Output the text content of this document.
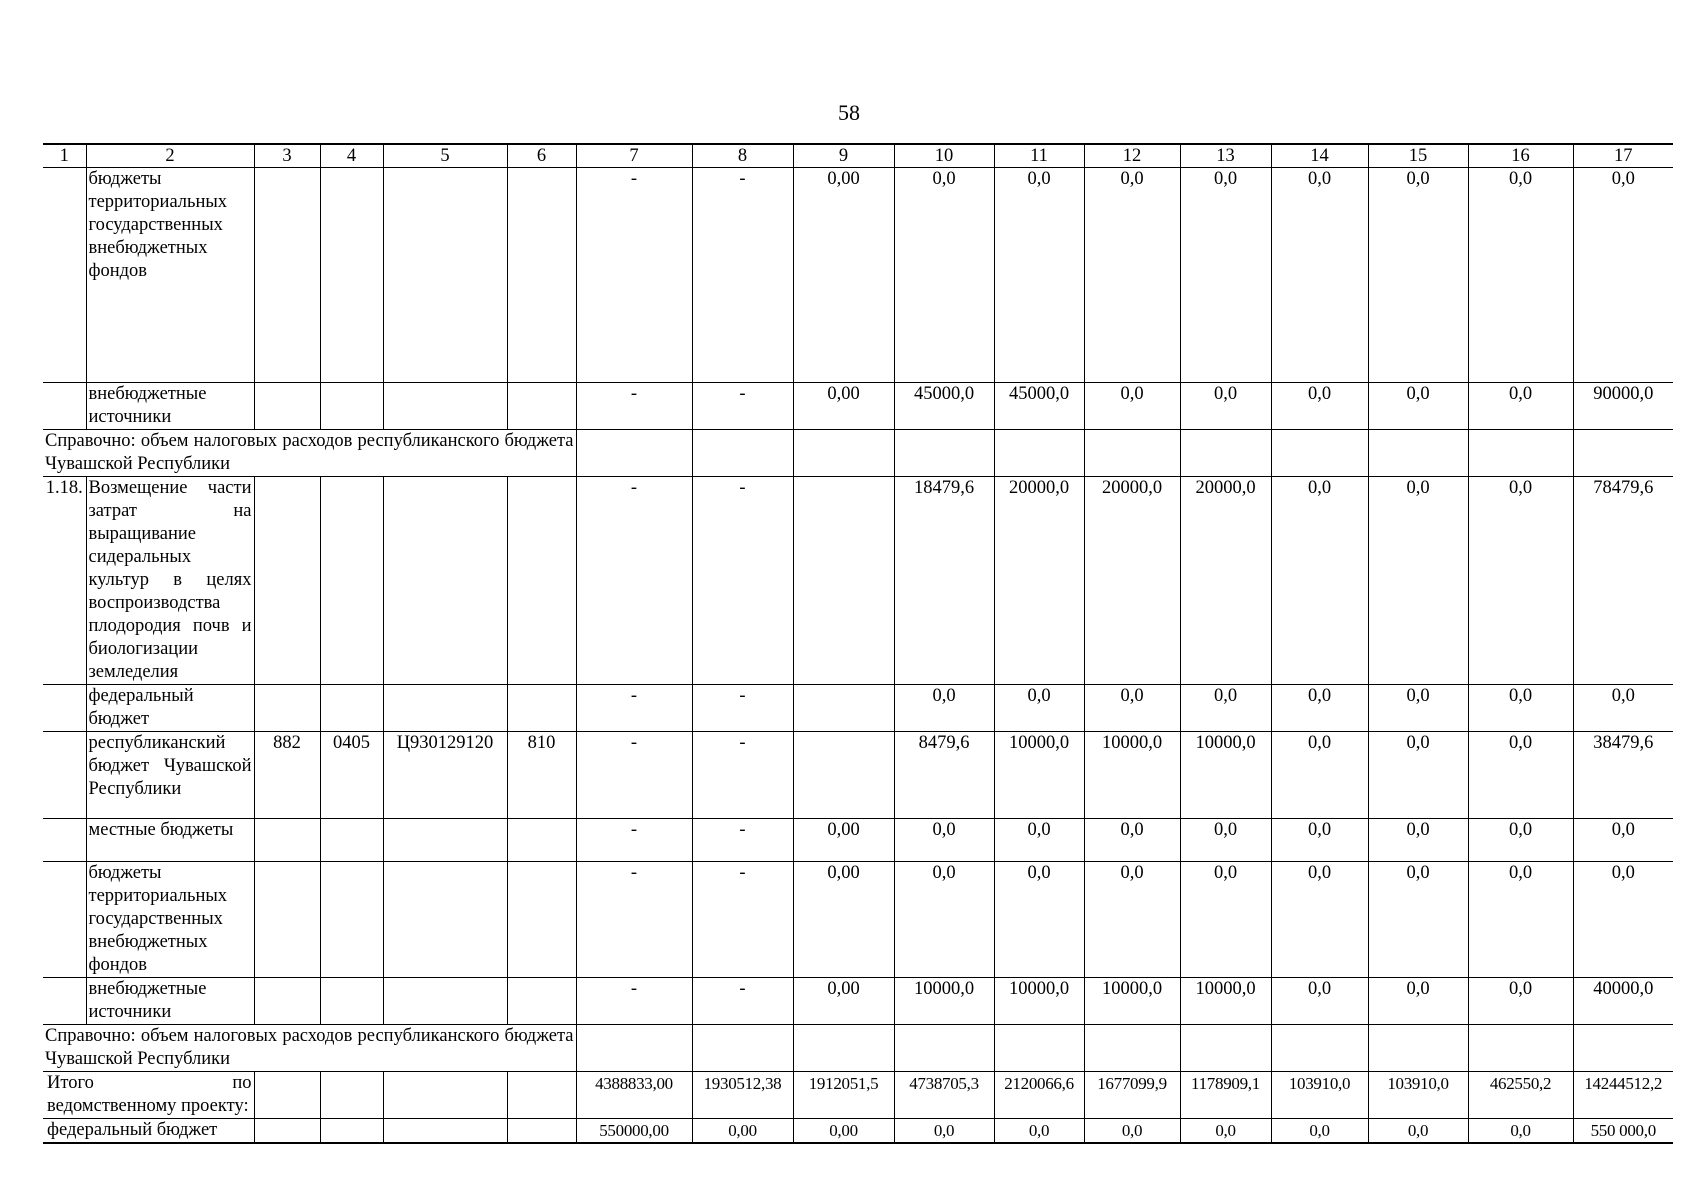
58
1	2	3	4	5	6	7	8	9	10	11	12	13	14	15	16	17
	бюджеты территориальных государственных внебюджетных фондов					-	-	0,00	0,0	0,0	0,0	0,0	0,0	0,0	0,0	0,0
	внебюджетные источники					-	-	0,00	45000,0	45000,0	0,0	0,0	0,0	0,0	0,0	90000,0
Справочно: объем налоговых расходов республиканского бюджета Чувашской Республики																
1.18.	Возмещение части затрат на выращивание сидеральных культур в целях воспроизводства плодородия почв и биологизации земледелия					-	-		18479,6	20000,0	20000,0	20000,0	0,0	0,0	0,0	78479,6
	федеральный бюджет					-	-		0,0	0,0	0,0	0,0	0,0	0,0	0,0	0,0
	республиканский бюджет Чувашской Республики	882	0405	Ц930129120	810	-	-		8479,6	10000,0	10000,0	10000,0	0,0	0,0	0,0	38479,6
	местные бюджеты					-	-	0,00	0,0	0,0	0,0	0,0	0,0	0,0	0,0	0,0
	бюджеты территориальных государственных внебюджетных фондов					-	-	0,00	0,0	0,0	0,0	0,0	0,0	0,0	0,0	0,0
	внебюджетные источники					-	-	0,00	10000,0	10000,0	10000,0	10000,0	0,0	0,0	0,0	40000,0
Справочно: объем налоговых расходов республиканского бюджета Чувашской Республики																
Итого по ведомственному проекту:						4388833,00	1930512,38	1912051,5	4738705,3	2120066,6	1677099,9	1178909,1	103910,0	103910,0	462550,2	14244512,2
федеральный бюджет						550000,00	0,00	0,00	0,0	0,0	0,0	0,0	0,0	0,0	0,0	550 000,0
